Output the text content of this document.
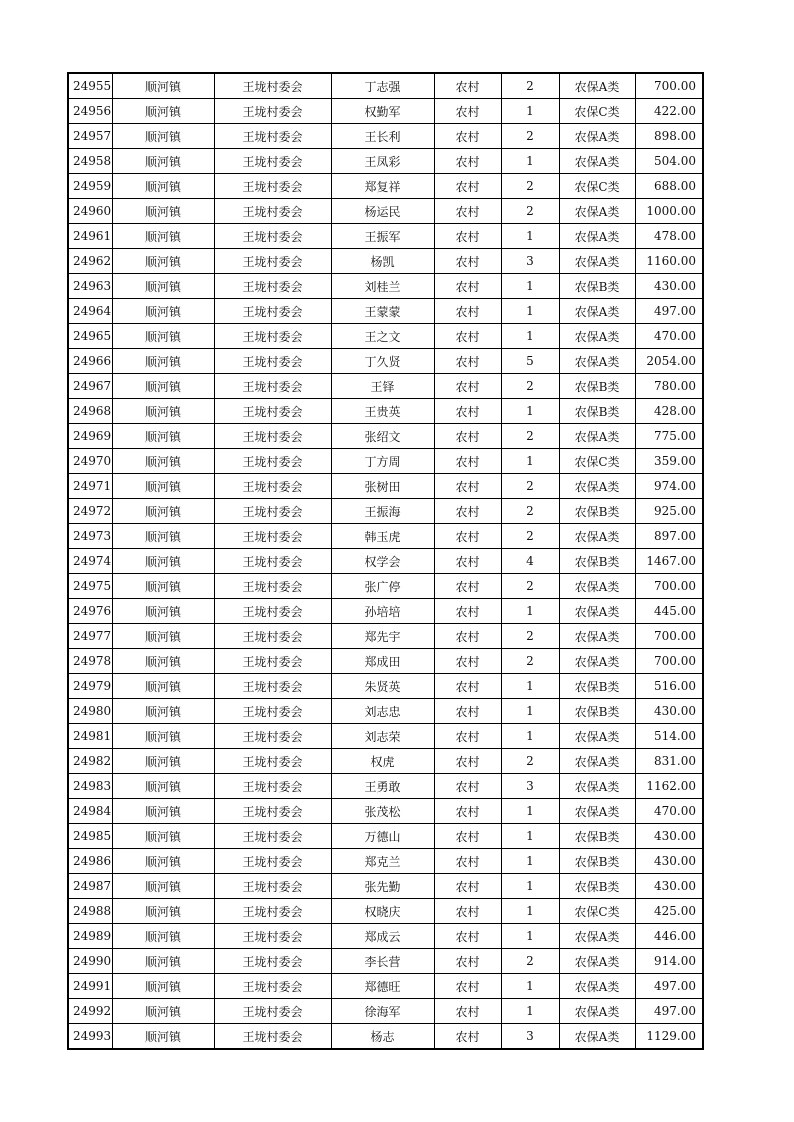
24955	顺河镇	王垅村委会	丁志强	农村	2	农保A类	700.00
24956	顺河镇	王垅村委会	权勤军	农村	1	农保C类	422.00
24957	顺河镇	王垅村委会	王长利	农村	2	农保A类	898.00
24958	顺河镇	王垅村委会	王凤彩	农村	1	农保A类	504.00
24959	顺河镇	王垅村委会	郑复祥	农村	2	农保C类	688.00
24960	顺河镇	王垅村委会	杨运民	农村	2	农保A类	1000.00
24961	顺河镇	王垅村委会	王振军	农村	1	农保A类	478.00
24962	顺河镇	王垅村委会	杨凯	农村	3	农保A类	1160.00
24963	顺河镇	王垅村委会	刘桂兰	农村	1	农保B类	430.00
24964	顺河镇	王垅村委会	王蒙蒙	农村	1	农保A类	497.00
24965	顺河镇	王垅村委会	王之文	农村	1	农保A类	470.00
24966	顺河镇	王垅村委会	丁久贤	农村	5	农保A类	2054.00
24967	顺河镇	王垅村委会	王铎	农村	2	农保B类	780.00
24968	顺河镇	王垅村委会	王贵英	农村	1	农保B类	428.00
24969	顺河镇	王垅村委会	张绍文	农村	2	农保A类	775.00
24970	顺河镇	王垅村委会	丁方周	农村	1	农保C类	359.00
24971	顺河镇	王垅村委会	张树田	农村	2	农保A类	974.00
24972	顺河镇	王垅村委会	王振海	农村	2	农保B类	925.00
24973	顺河镇	王垅村委会	韩玉虎	农村	2	农保A类	897.00
24974	顺河镇	王垅村委会	权学会	农村	4	农保B类	1467.00
24975	顺河镇	王垅村委会	张广停	农村	2	农保A类	700.00
24976	顺河镇	王垅村委会	孙培培	农村	1	农保A类	445.00
24977	顺河镇	王垅村委会	郑先宇	农村	2	农保A类	700.00
24978	顺河镇	王垅村委会	郑成田	农村	2	农保A类	700.00
24979	顺河镇	王垅村委会	朱贤英	农村	1	农保B类	516.00
24980	顺河镇	王垅村委会	刘志忠	农村	1	农保B类	430.00
24981	顺河镇	王垅村委会	刘志荣	农村	1	农保A类	514.00
24982	顺河镇	王垅村委会	权虎	农村	2	农保A类	831.00
24983	顺河镇	王垅村委会	王勇敢	农村	3	农保A类	1162.00
24984	顺河镇	王垅村委会	张茂松	农村	1	农保A类	470.00
24985	顺河镇	王垅村委会	万德山	农村	1	农保B类	430.00
24986	顺河镇	王垅村委会	郑克兰	农村	1	农保B类	430.00
24987	顺河镇	王垅村委会	张先勤	农村	1	农保B类	430.00
24988	顺河镇	王垅村委会	权晓庆	农村	1	农保C类	425.00
24989	顺河镇	王垅村委会	郑成云	农村	1	农保A类	446.00
24990	顺河镇	王垅村委会	李长营	农村	2	农保A类	914.00
24991	顺河镇	王垅村委会	郑德旺	农村	1	农保A类	497.00
24992	顺河镇	王垅村委会	徐海军	农村	1	农保A类	497.00
24993	顺河镇	王垅村委会	杨志	农村	3	农保A类	1129.00
